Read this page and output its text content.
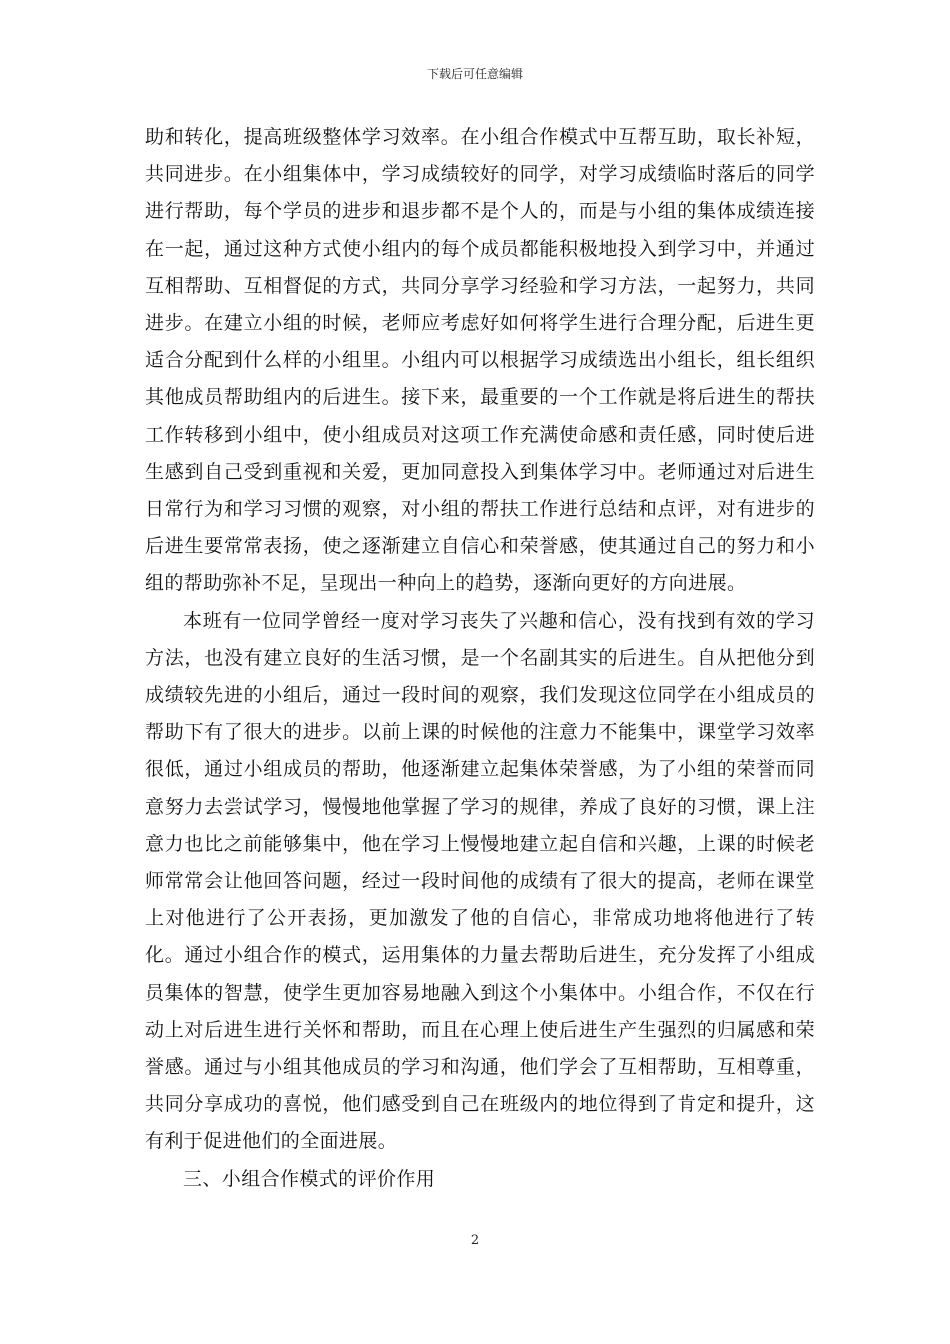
下载后可任意编辑

助和转化，提高班级整体学习效率。在小组合作模式中互帮互助，取长补短，共同进步。在小组集体中，学习成绩较好的同学，对学习成绩临时落后的同学进行帮助，每个学员的进步和退步都不是个人的，而是与小组的集体成绩连接在一起，通过这种方式使小组内的每个成员都能积极地投入到学习中，并通过互相帮助、互相督促的方式，共同分享学习经验和学习方法，一起努力，共同进步。在建立小组的时候，老师应考虑好如何将学生进行合理分配，后进生更适合分配到什么样的小组里。小组内可以根据学习成绩选出小组长，组长组织其他成员帮助组内的后进生。接下来，最重要的一个工作就是将后进生的帮扶工作转移到小组中，使小组成员对这项工作充满使命感和责任感，同时使后进生感到自己受到重视和关爱，更加同意投入到集体学习中。老师通过对后进生日常行为和学习习惯的观察，对小组的帮扶工作进行总结和点评，对有进步的后进生要常常表扬，使之逐渐建立自信心和荣誉感，使其通过自己的努力和小组的帮助弥补不足，呈现出一种向上的趋势，逐渐向更好的方向进展。

本班有一位同学曾经一度对学习丧失了兴趣和信心，没有找到有效的学习方法，也没有建立良好的生活习惯，是一个名副其实的后进生。自从把他分到成绩较先进的小组后，通过一段时间的观察，我们发现这位同学在小组成员的帮助下有了很大的进步。以前上课的时候他的注意力不能集中，课堂学习效率很低，通过小组成员的帮助，他逐渐建立起集体荣誉感，为了小组的荣誉而同意努力去尝试学习，慢慢地他掌握了学习的规律，养成了良好的习惯，课上注意力也比之前能够集中，他在学习上慢慢地建立起自信和兴趣，上课的时候老师常常会让他回答问题，经过一段时间他的成绩有了很大的提高，老师在课堂上对他进行了公开表扬，更加激发了他的自信心，非常成功地将他进行了转化。通过小组合作的模式，运用集体的力量去帮助后进生，充分发挥了小组成员集体的智慧，使学生更加容易地融入到这个小集体中。小组合作，不仅在行动上对后进生进行关怀和帮助，而且在心理上使后进生产生强烈的归属感和荣誉感。通过与小组其他成员的学习和沟通，他们学会了互相帮助，互相尊重，共同分享成功的喜悦，他们感受到自己在班级内的地位得到了肯定和提升，这有利于促进他们的全面进展。

三、小组合作模式的评价作用

2
